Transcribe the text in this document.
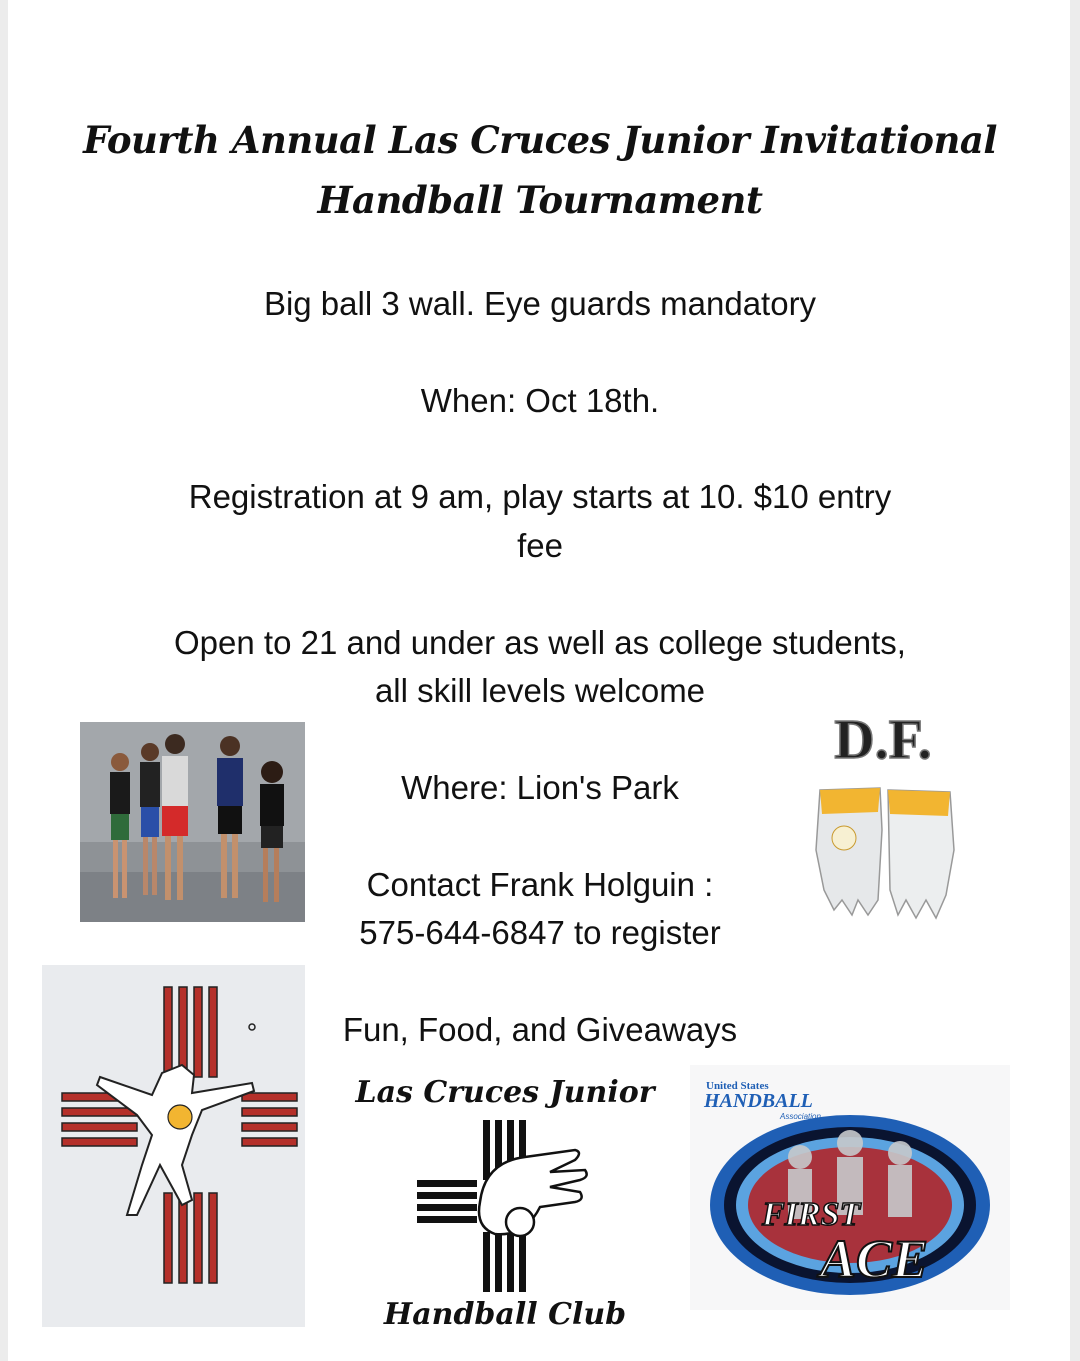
Fourth Annual Las Cruces Junior Invitational
Handball Tournament
Big ball 3 wall. Eye guards mandatory
When: Oct 18th.
Registration at 9 am, play starts at 10. $10 entry
fee
Open to 21 and under as well as college students,
all skill levels welcome
Where: Lion's Park
Contact Frank Holguin :
575-644-6847 to register
Fun, Food, and Giveaways
D.F.
Las Cruces Junior
Handball Club
United States
HANDBALL
Association
FIRST
ACE
